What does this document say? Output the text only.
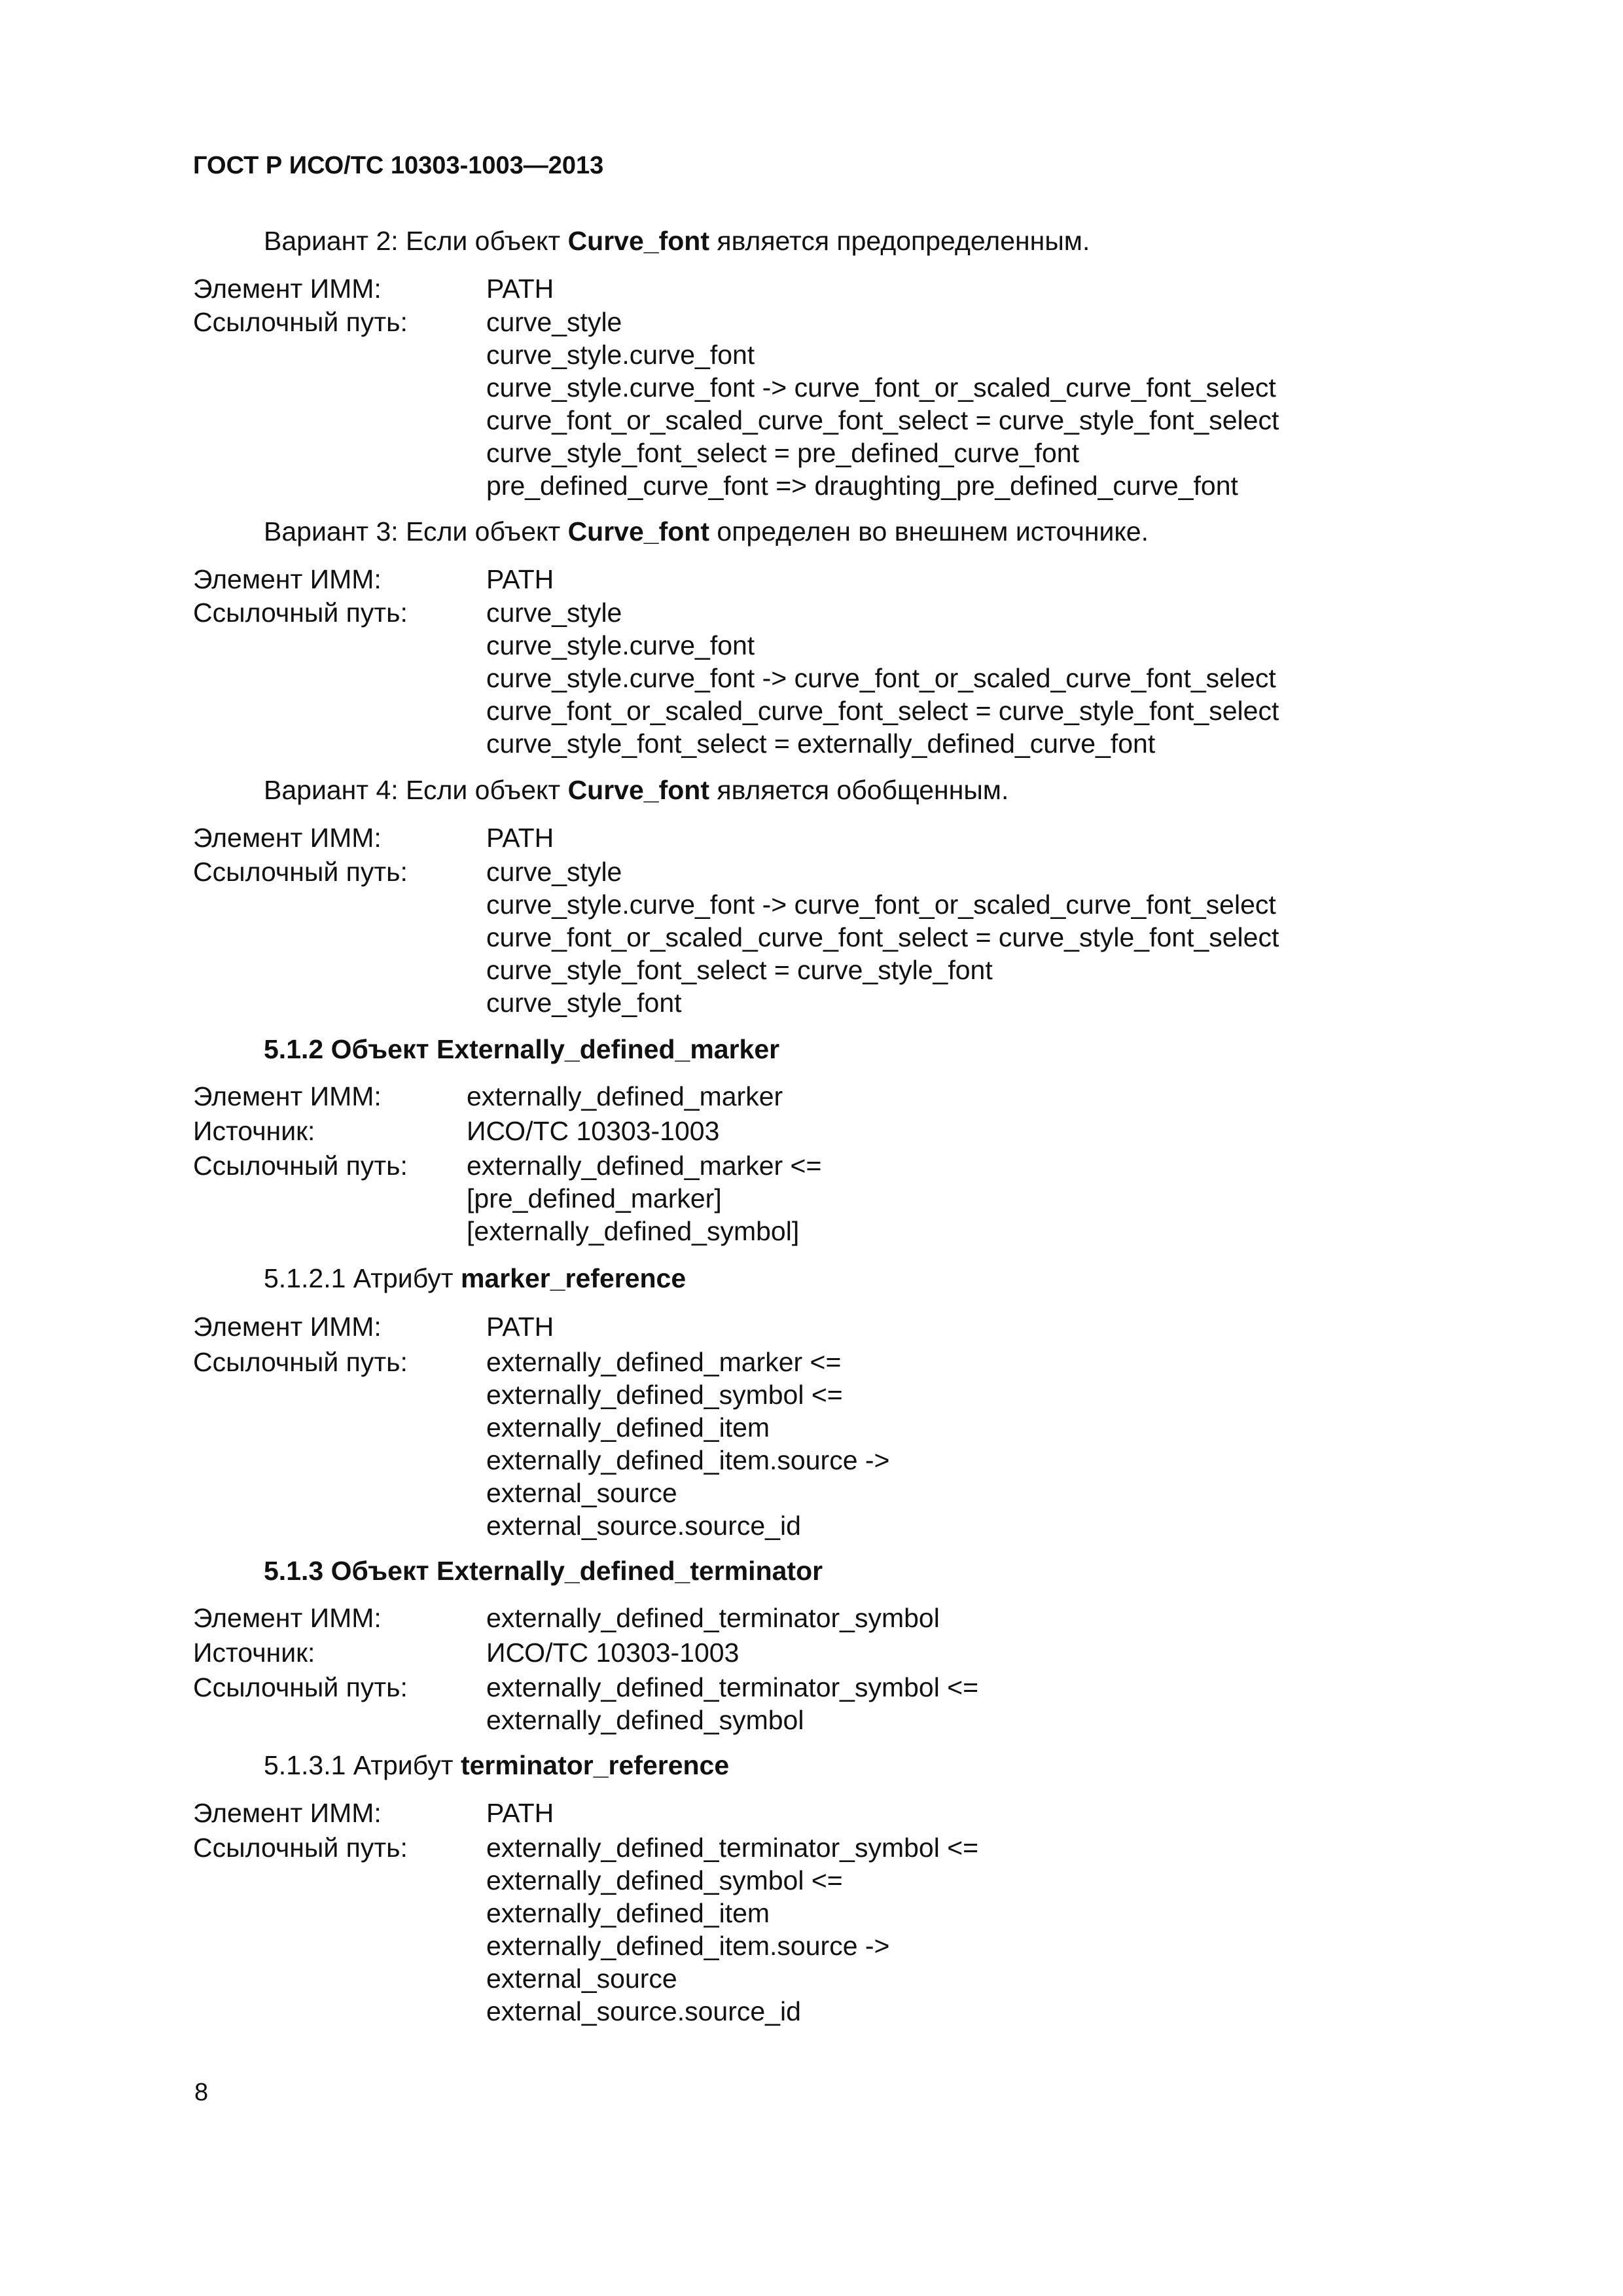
ГОСТ Р ИСО/ТС 10303-1003—2013
Вариант 2: Если объект Curve_font является предопределенным.
Элемент ИММ:	PATH
Ссылочный путь:	curve_style
curve_style.curve_font
curve_style.curve_font -> curve_font_or_scaled_curve_font_select
curve_font_or_scaled_curve_font_select = curve_style_font_select
curve_style_font_select = pre_defined_curve_font
pre_defined_curve_font => draughting_pre_defined_curve_font
Вариант 3: Если объект Curve_font определен во внешнем источнике.
Элемент ИММ:	PATH
Ссылочный путь:	curve_style
curve_style.curve_font
curve_style.curve_font -> curve_font_or_scaled_curve_font_select
curve_font_or_scaled_curve_font_select = curve_style_font_select
curve_style_font_select = externally_defined_curve_font
Вариант 4: Если объект Curve_font является обобщенным.
Элемент ИММ:	PATH
Ссылочный путь:	curve_style
curve_style.curve_font -> curve_font_or_scaled_curve_font_select
curve_font_or_scaled_curve_font_select = curve_style_font_select
curve_style_font_select = curve_style_font
curve_style_font
5.1.2 Объект Externally_defined_marker
Элемент ИММ:	externally_defined_marker
Источник:	ИСО/ТС 10303-1003
Ссылочный путь: externally_defined_marker <=
[pre_defined_marker]
[externally_defined_symbol]
5.1.2.1 Атрибут marker_reference
Элемент ИММ:	PATH
Ссылочный путь:	externally_defined_marker <=
externally_defined_symbol <=
externally_defined_item
externally_defined_item.source ->
external_source
external_source.source_id
5.1.3 Объект Externally_defined_terminator
Элемент ИММ:	externally_defined_terminator_symbol
Источник:	ИСО/ТС 10303-1003
Ссылочный путь:	externally_defined_terminator_symbol <=
externally_defined_symbol
5.1.3.1 Атрибут terminator_reference
Элемент ИММ:	PATH
Ссылочный путь:	externally_defined_terminator_symbol <=
externally_defined_symbol <=
externally_defined_item
externally_defined_item.source ->
external_source
external_source.source_id
8
